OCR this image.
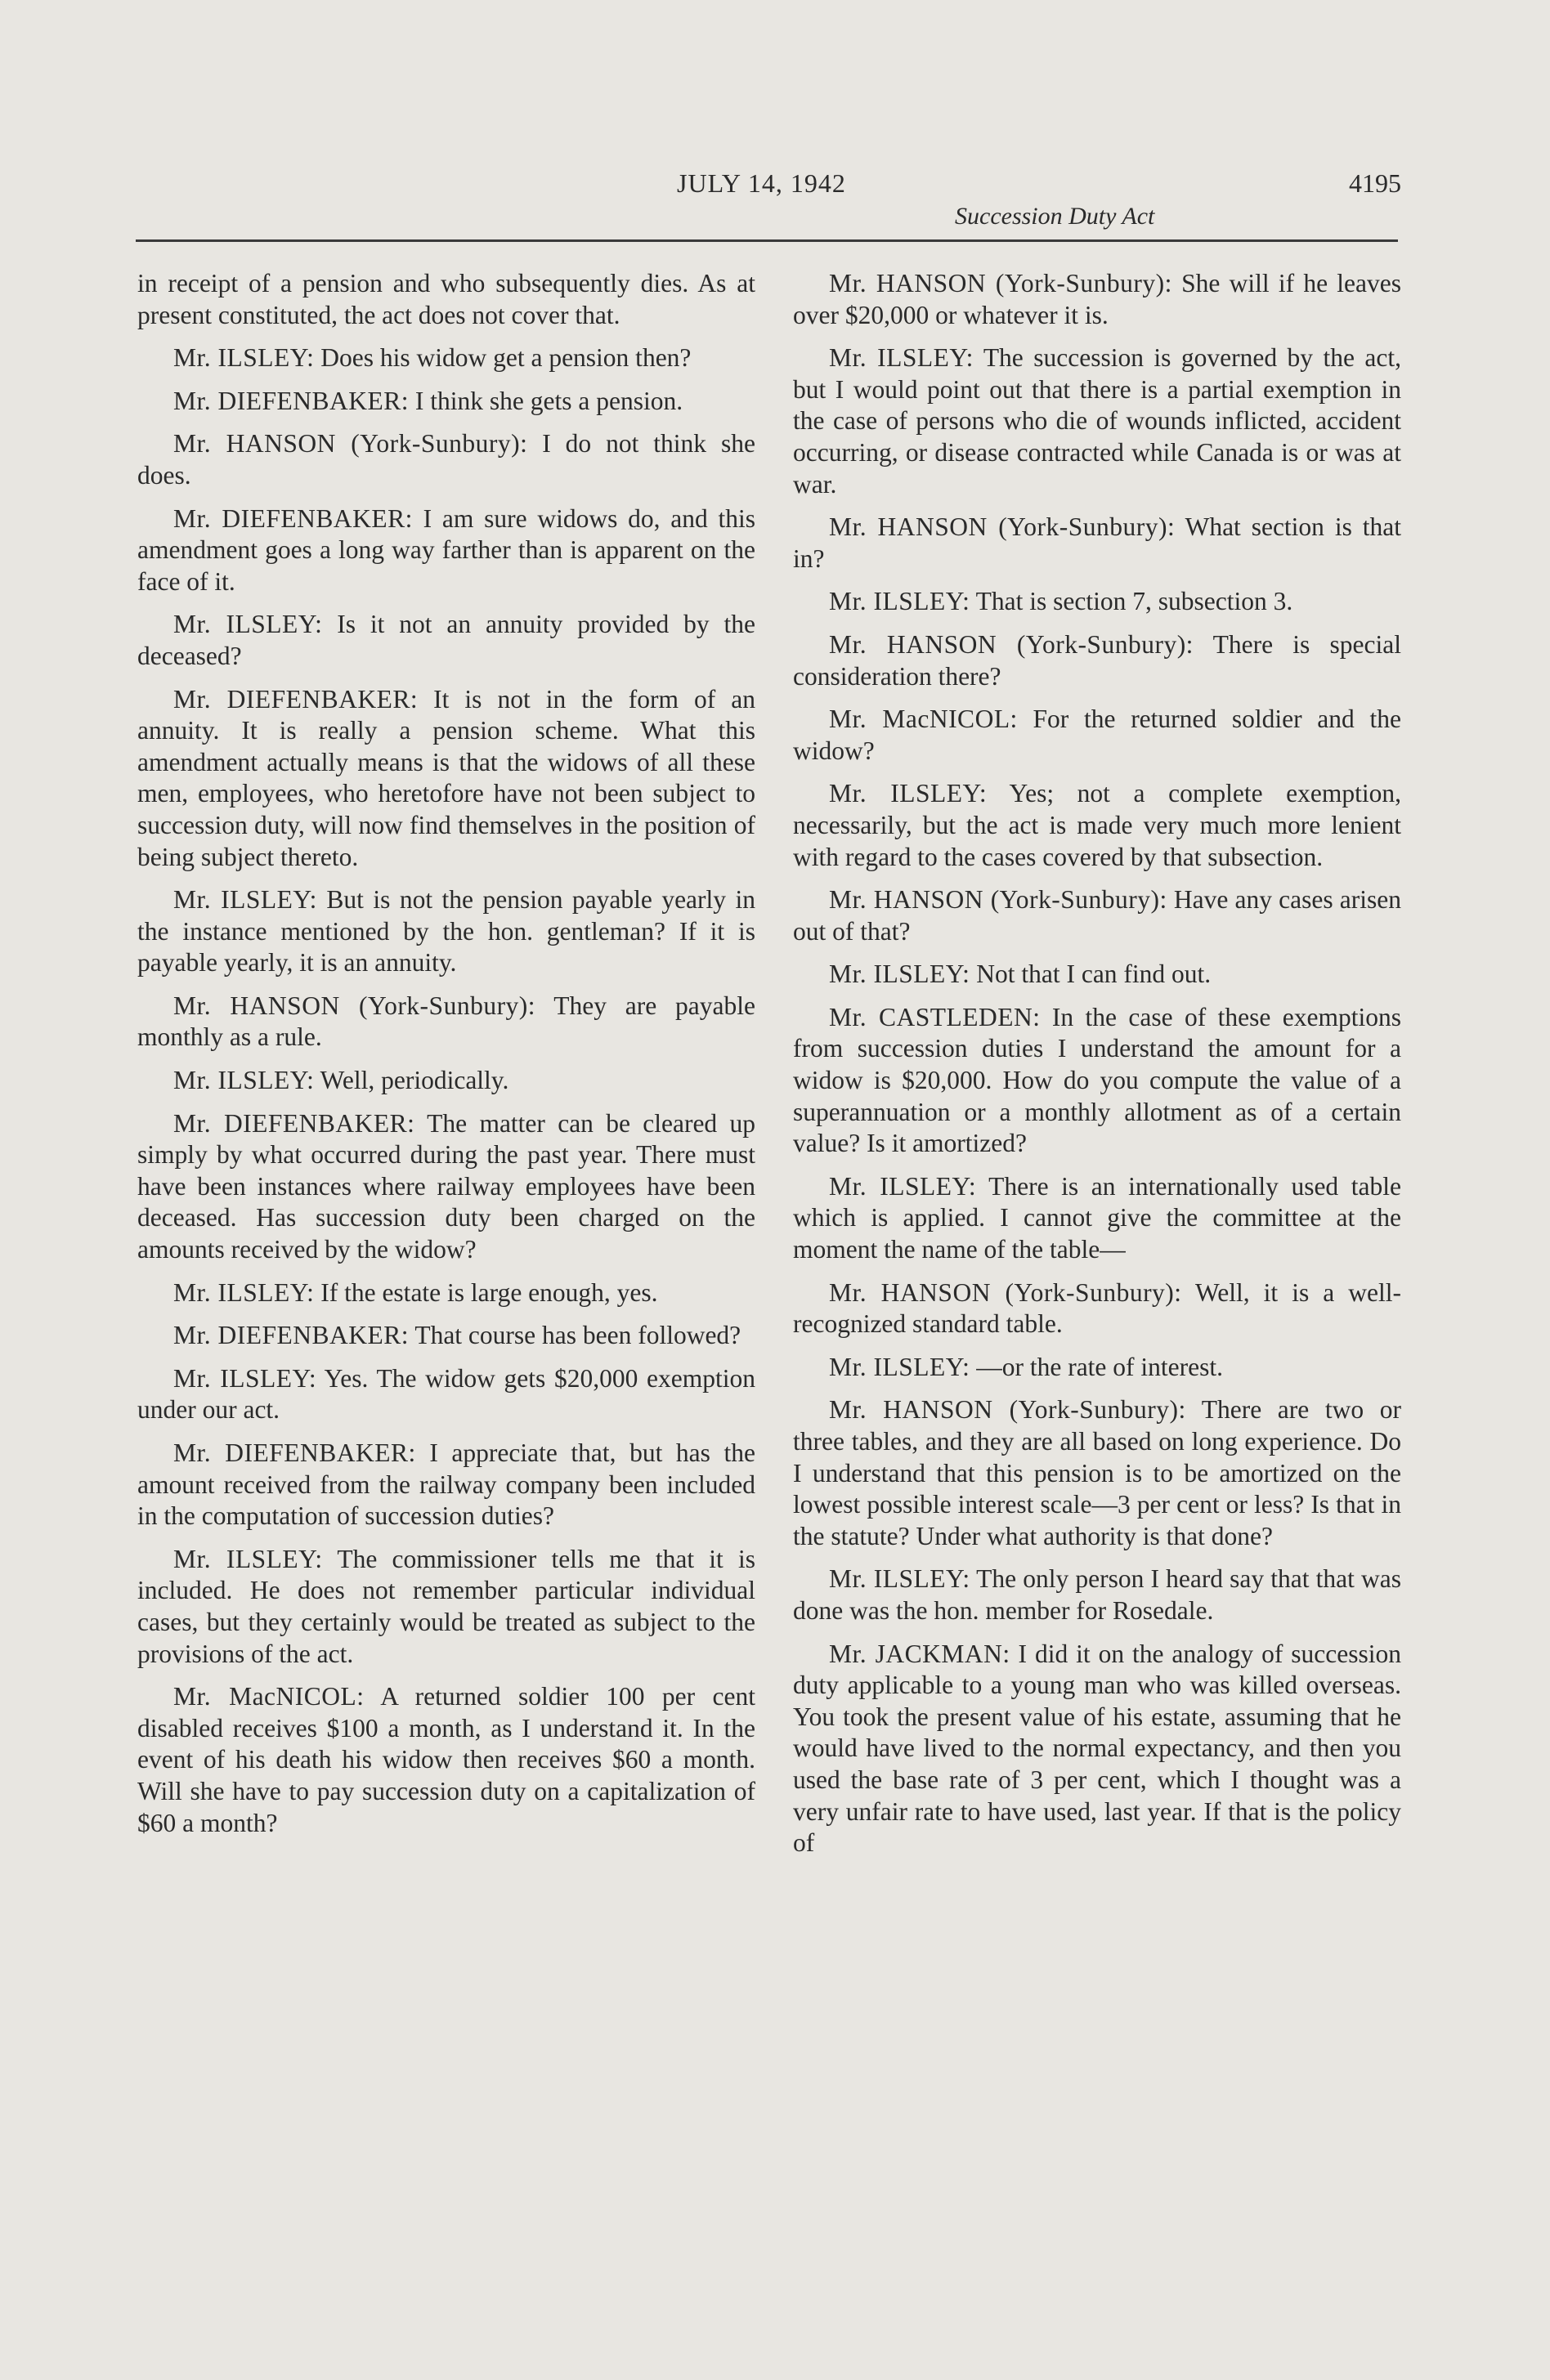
JULY 14, 1942	4195
Succession Duty Act

in receipt of a pension and who subsequently dies. As at present constituted, the act does not cover that.

Mr. ILSLEY: Does his widow get a pension then?

Mr. DIEFENBAKER: I think she gets a pension.

Mr. HANSON (York-Sunbury): I do not think she does.

Mr. DIEFENBAKER: I am sure widows do, and this amendment goes a long way farther than is apparent on the face of it.

Mr. ILSLEY: Is it not an annuity provided by the deceased?

Mr. DIEFENBAKER: It is not in the form of an annuity. It is really a pension scheme. What this amendment actually means is that the widows of all these men, employees, who heretofore have not been subject to succession duty, will now find themselves in the position of being subject thereto.

Mr. ILSLEY: But is not the pension payable yearly in the instance mentioned by the hon. gentleman? If it is payable yearly, it is an annuity.

Mr. HANSON (York-Sunbury): They are payable monthly as a rule.

Mr. ILSLEY: Well, periodically.

Mr. DIEFENBAKER: The matter can be cleared up simply by what occurred during the past year. There must have been instances where railway employees have been deceased. Has succession duty been charged on the amounts received by the widow?

Mr. ILSLEY: If the estate is large enough, yes.

Mr. DIEFENBAKER: That course has been followed?

Mr. ILSLEY: Yes. The widow gets $20,000 exemption under our act.

Mr. DIEFENBAKER: I appreciate that, but has the amount received from the railway company been included in the computation of succession duties?

Mr. ILSLEY: The commissioner tells me that it is included. He does not remember particular individual cases, but they certainly would be treated as subject to the provisions of the act.

Mr. MacNICOL: A returned soldier 100 per cent disabled receives $100 a month, as I understand it. In the event of his death his widow then receives $60 a month. Will she have to pay succession duty on a capitalization of $60 a month?

Mr. HANSON (York-Sunbury): She will if he leaves over $20,000 or whatever it is.

Mr. ILSLEY: The succession is governed by the act, but I would point out that there is a partial exemption in the case of persons who die of wounds inflicted, accident occurring, or disease contracted while Canada is or was at war.

Mr. HANSON (York-Sunbury): What section is that in?

Mr. ILSLEY: That is section 7, subsection 3.

Mr. HANSON (York-Sunbury): There is special consideration there?

Mr. MacNICOL: For the returned soldier and the widow?

Mr. ILSLEY: Yes; not a complete exemption, necessarily, but the act is made very much more lenient with regard to the cases covered by that subsection.

Mr. HANSON (York-Sunbury): Have any cases arisen out of that?

Mr. ILSLEY: Not that I can find out.

Mr. CASTLEDEN: In the case of these exemptions from succession duties I understand the amount for a widow is $20,000. How do you compute the value of a superannuation or a monthly allotment as of a certain value? Is it amortized?

Mr. ILSLEY: There is an internationally used table which is applied. I cannot give the committee at the moment the name of the table—

Mr. HANSON (York-Sunbury): Well, it is a well-recognized standard table.

Mr. ILSLEY: —or the rate of interest.

Mr. HANSON (York-Sunbury): There are two or three tables, and they are all based on long experience. Do I understand that this pension is to be amortized on the lowest possible interest scale—3 per cent or less? Is that in the statute? Under what authority is that done?

Mr. ILSLEY: The only person I heard say that that was done was the hon. member for Rosedale.

Mr. JACKMAN: I did it on the analogy of succession duty applicable to a young man who was killed overseas. You took the present value of his estate, assuming that he would have lived to the normal expectancy, and then you used the base rate of 3 per cent, which I thought was a very unfair rate to have used, last year. If that is the policy of
